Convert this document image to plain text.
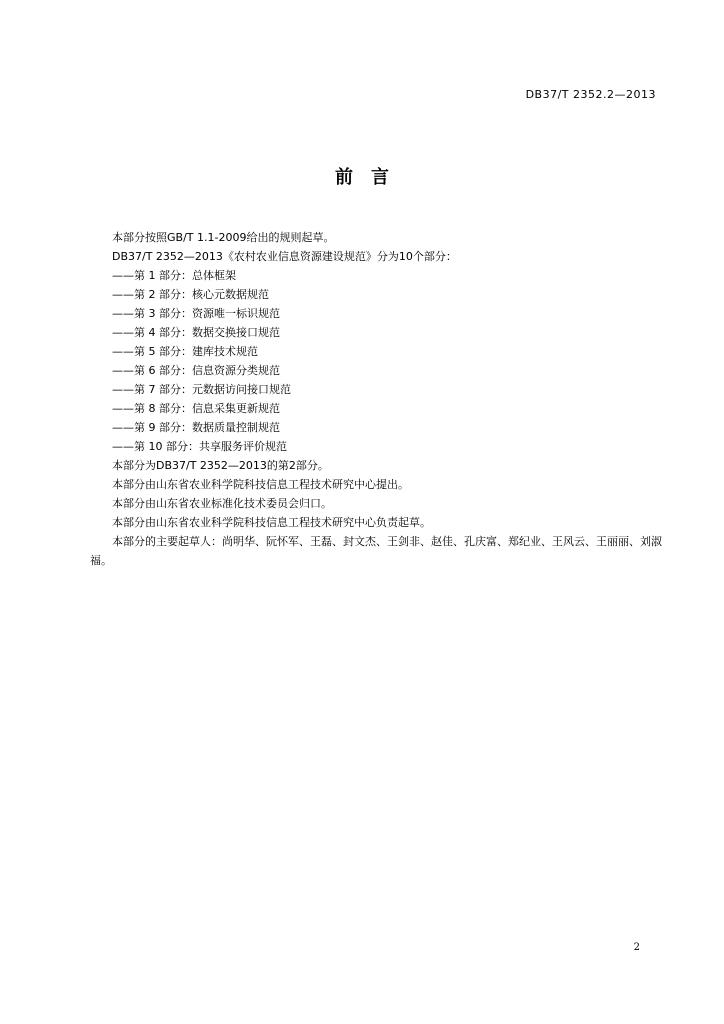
DB37/T 2352.2—2013
前　言

本部分按照GB/T 1.1-2009给出的规则起草。

DB37/T 2352—2013《农村农业信息资源建设规范》分为10个部分：

——第 1 部分：总体框架

——第 2 部分：核心元数据规范

——第 3 部分：资源唯一标识规范

——第 4 部分：数据交换接口规范

——第 5 部分：建库技术规范

——第 6 部分：信息资源分类规范

——第 7 部分：元数据访问接口规范

——第 8 部分：信息采集更新规范

——第 9 部分：数据质量控制规范

——第 10 部分：共享服务评价规范

本部分为DB37/T 2352—2013的第2部分。

本部分由山东省农业科学院科技信息工程技术研究中心提出。

本部分由山东省农业标准化技术委员会归口。

本部分由山东省农业科学院科技信息工程技术研究中心负责起草。

本部分的主要起草人：尚明华、阮怀军、王磊、封文杰、王剑非、赵佳、孔庆富、郑纪业、王风云、王丽丽、刘淑福。

2
